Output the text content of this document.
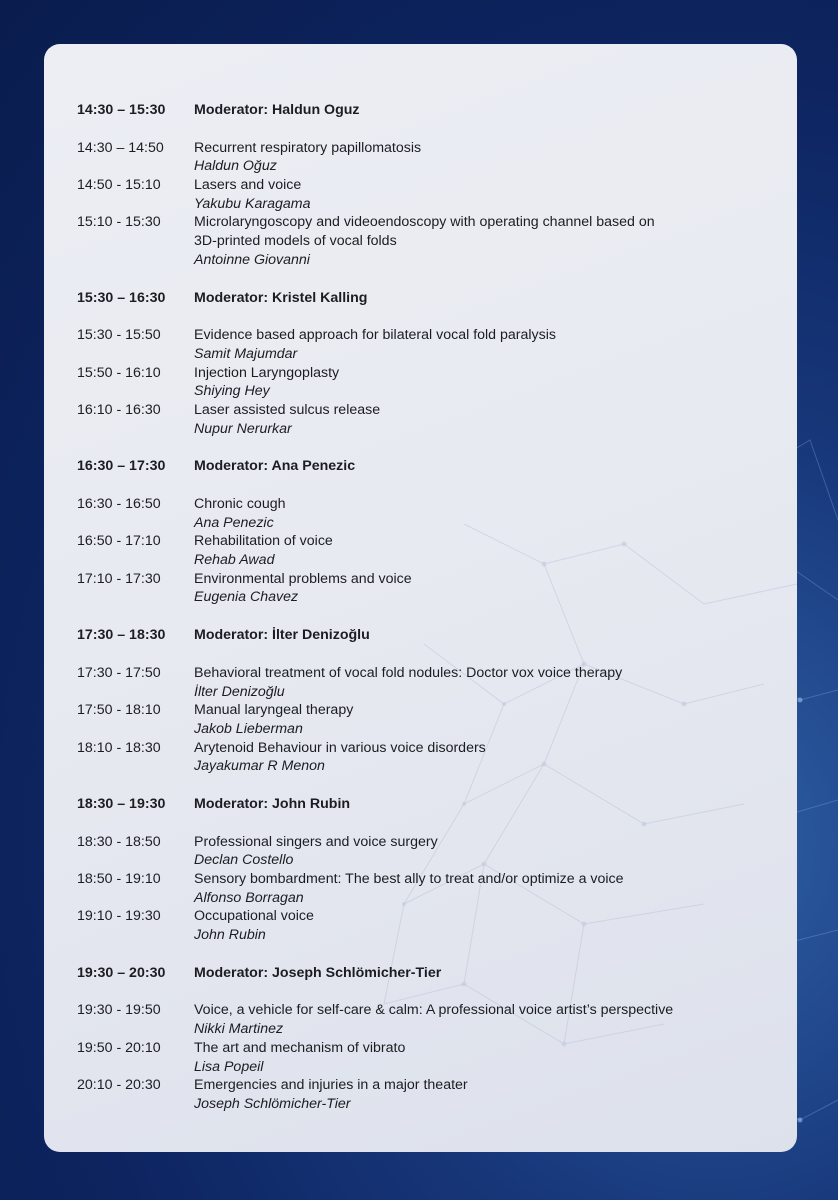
14:30 – 15:30 Moderator: Haldun Oguz
14:30 – 14:50 Recurrent respiratory papillomatosis
Haldun Oğuz
14:50 - 15:10 Lasers and voice
Yakubu Karagama
15:10 - 15:30 Microlaryngoscopy and videoendoscopy with operating channel based on
3D-printed models of vocal folds
Antoinne Giovanni
15:30 – 16:30 Moderator: Kristel Kalling
15:30 - 15:50 Evidence based approach for bilateral vocal fold paralysis
Samit Majumdar
15:50 - 16:10 Injection Laryngoplasty
Shiying Hey
16:10 - 16:30 Laser assisted sulcus release
Nupur Nerurkar
16:30 – 17:30 Moderator: Ana Penezic
16:30 - 16:50 Chronic cough
Ana Penezic
16:50 - 17:10 Rehabilitation of voice
Rehab Awad
17:10 - 17:30 Environmental problems and voice
Eugenia Chavez
17:30 – 18:30 Moderator: İlter Denizoğlu
17:30 - 17:50 Behavioral treatment of vocal fold nodules: Doctor vox voice therapy
İlter Denizoğlu
17:50 - 18:10 Manual laryngeal therapy
Jakob Lieberman
18:10 - 18:30 Arytenoid Behaviour in various voice disorders
Jayakumar R Menon
18:30 – 19:30 Moderator: John Rubin
18:30 - 18:50 Professional singers and voice surgery
Declan Costello
18:50 - 19:10 Sensory bombardment: The best ally to treat and/or optimize a voice
Alfonso Borragan
19:10 - 19:30 Occupational voice
John Rubin
19:30 – 20:30 Moderator: Joseph Schlömicher-Tier
19:30 - 19:50 Voice, a vehicle for self-care & calm: A professional voice artist’s perspective
Nikki Martinez
19:50 - 20:10 The art and mechanism of vibrato
Lisa Popeil
20:10 - 20:30 Emergencies and injuries in a major theater
Joseph Schlömicher-Tier
